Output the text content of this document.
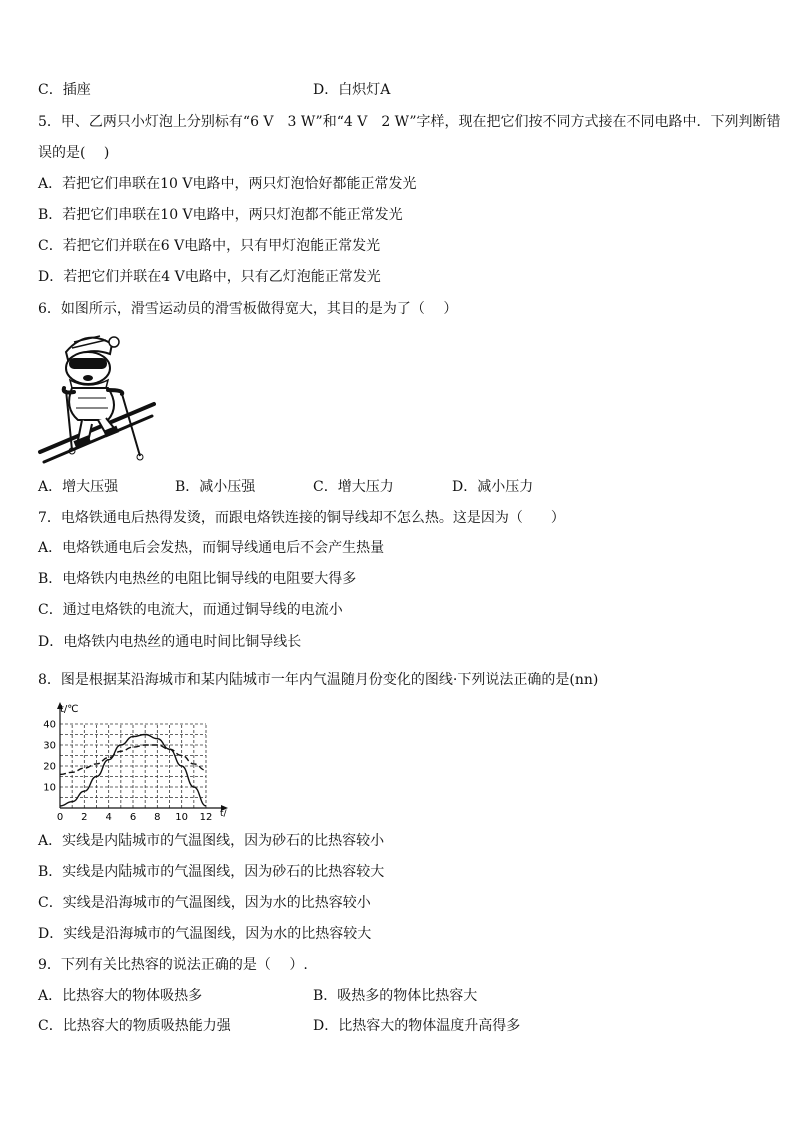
C．插座	D．白炽灯A
5．甲、乙两只小灯泡上分别标有“6 V　3 W”和“4 V　2 W”字样，现在把它们按不同方式接在不同电路中．下列判断错
误的是(　 )
A．若把它们串联在10 V电路中，两只灯泡恰好都能正常发光
B．若把它们串联在10 V电路中，两只灯泡都不能正常发光
C．若把它们并联在6 V电路中，只有甲灯泡能正常发光
D．若把它们并联在4 V电路中，只有乙灯泡能正常发光
6．如图所示，滑雪运动员的滑雪板做得宽大，其目的是为了（　 ）
A．增大压强	B．减小压强	C．增大压力	D．减小压力
7．电烙铁通电后热得发烫，而跟电烙铁连接的铜导线却不怎么热。这是因为（　　）
A．电烙铁通电后会发热，而铜导线通电后不会产生热量
B．电烙铁内电热丝的电阻比铜导线的电阻要大得多
C．通过电烙铁的电流大，而通过铜导线的电流小
D．电烙铁内电热丝的通电时间比铜导线长
8．图是根据某沿海城市和某内陆城市一年内气温随月份变化的图线·下列说法正确的是(nn)
0 2 4 6 8 10 12
10
20
30
40
t/℃
t/
A．实线是内陆城市的气温图线，因为砂石的比热容较小
B．实线是内陆城市的气温图线，因为砂石的比热容较大
C．实线是沿海城市的气温图线，因为水的比热容较小
D．实线是沿海城市的气温图线，因为水的比热容较大
9．下列有关比热容的说法正确的是（　 ）.
A．比热容大的物体吸热多	B．吸热多的物体比热容大
C．比热容大的物质吸热能力强	D．比热容大的物体温度升高得多
